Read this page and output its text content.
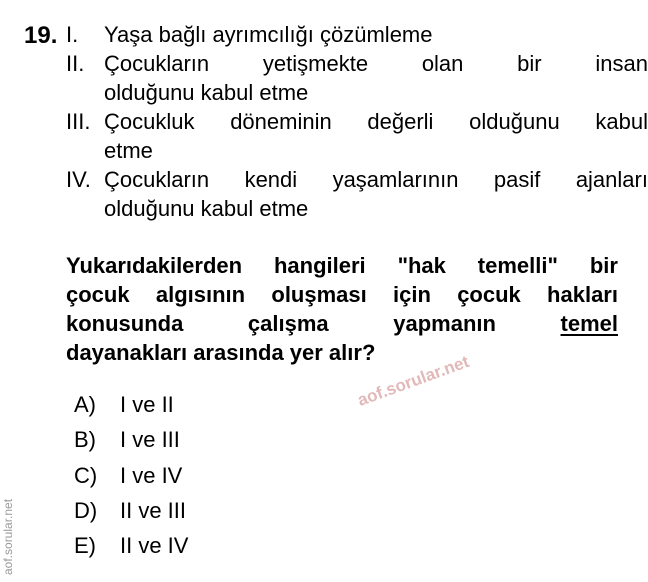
19. I. Yaşa bağlı ayrımcılığı çözümleme
II. Çocukların yetişmekte olan bir insan
olduğunu kabul etme
III. Çocukluk döneminin değerli olduğunu kabul
etme
IV. Çocukların kendi yaşamlarının pasif ajanları
olduğunu kabul etme
Yukarıdakilerden hangileri "hak temelli" bir
çocuk algısının oluşması için çocuk hakları
konusunda	çalışma	yapmanın	temel
dayanakları arasında yer alır?
A) I ve II
B) I ve III
C) I ve IV
D) II ve III
E) II ve IV
aof.sorular.net
aof.sorular.net
